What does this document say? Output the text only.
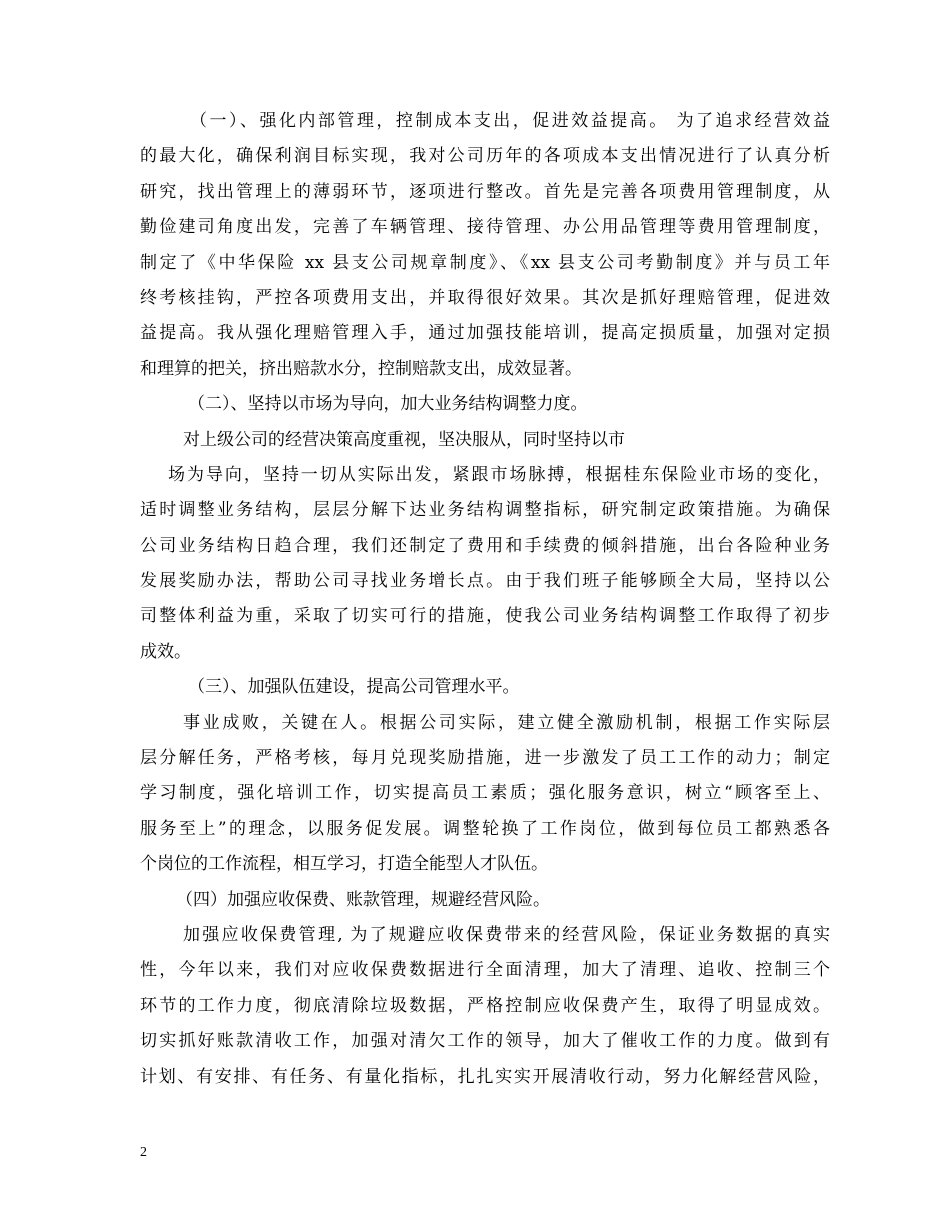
（一）、强化内部管理，控制成本支出，促进效益提高。 为了追求经营效益
的最大化，确保利润目标实现，我对公司历年的各项成本支出情况进行了认真分析
研究，找出管理上的薄弱环节，逐项进行整改。首先是完善各项费用管理制度，从
勤俭建司角度出发，完善了车辆管理、接待管理、办公用品管理等费用管理制度，
制定了《中华保险 xx 县支公司规章制度》、《xx 县支公司考勤制度》并与员工年
终考核挂钩，严控各项费用支出，并取得很好效果。其次是抓好理赔管理，促进效
益提高。我从强化理赔管理入手，通过加强技能培训，提高定损质量，加强对定损
和理算的把关，挤出赔款水分，控制赔款支出，成效显著。
（二）、坚持以市场为导向，加大业务结构调整力度。
对上级公司的经营决策高度重视，坚决服从，同时坚持以市
场为导向，坚持一切从实际出发，紧跟市场脉搏，根据桂东保险业市场的变化，
适时调整业务结构，层层分解下达业务结构调整指标，研究制定政策措施。为确保
公司业务结构日趋合理，我们还制定了费用和手续费的倾斜措施，出台各险种业务
发展奖励办法，帮助公司寻找业务增长点。由于我们班子能够顾全大局，坚持以公
司整体利益为重，采取了切实可行的措施，使我公司业务结构调整工作取得了初步
成效。
（三）、加强队伍建设，提高公司管理水平。
事业成败，关键在人。根据公司实际，建立健全激励机制，根据工作实际层
层分解任务，严格考核，每月兑现奖励措施，进一步激发了员工工作的动力；制定
学习制度，强化培训工作，切实提高员工素质；强化服务意识，树立“顾客至上、
服务至上”的理念，以服务促发展。调整轮换了工作岗位，做到每位员工都熟悉各
个岗位的工作流程，相互学习，打造全能型人才队伍。
（四）加强应收保费、账款管理，规避经营风险。
加强应收保费管理, 为了规避应收保费带来的经营风险，保证业务数据的真实
性，今年以来，我们对应收保费数据进行全面清理，加大了清理、追收、控制三个
环节的工作力度，彻底清除垃圾数据，严格控制应收保费产生，取得了明显成效。
切实抓好账款清收工作，加强对清欠工作的领导，加大了催收工作的力度。做到有
计划、有安排、有任务、有量化指标，扎扎实实开展清收行动，努力化解经营风险，
2
